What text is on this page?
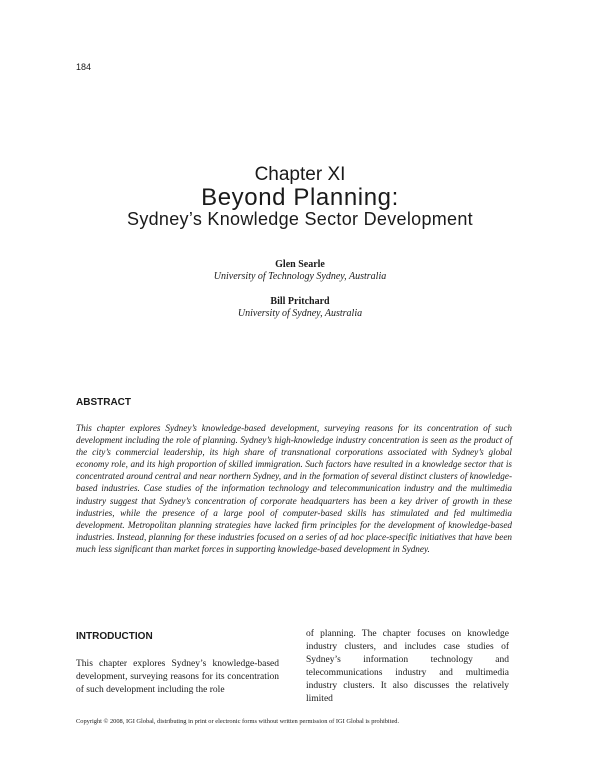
184
Chapter XI
Beyond Planning:
Sydney’s Knowledge Sector Development
Glen Searle
University of Technology Sydney, Australia
Bill Pritchard
University of Sydney, Australia
ABSTRACT

This chapter explores Sydney’s knowledge-based development, surveying reasons for its concentration of such development including the role of planning. Sydney’s high-knowledge industry concentration is seen as the product of the city’s commercial leadership, its high share of transnational corporations associated with Sydney’s global economy role, and its high proportion of skilled immigration. Such factors have resulted in a knowledge sector that is concentrated around central and near northern Sydney, and in the formation of several distinct clusters of knowledge-based industries. Case studies of the information technology and telecommunication industry and the multimedia industry suggest that Sydney’s concentration of corporate headquarters has been a key driver of growth in these industries, while the presence of a large pool of computer-based skills has stimulated and fed multimedia development. Metropolitan planning strategies have lacked firm principles for the development of knowledge-based industries. Instead, planning for these industries focused on a series of ad hoc place-specific initiatives that have been much less significant than market forces in supporting knowledge-based development in Sydney.

INTRODUCTION

This chapter explores Sydney’s knowledge-based development, surveying reasons for its concentration of such development including the role

of planning. The chapter focuses on knowledge industry clusters, and includes case studies of Sydney’s information technology and telecommunications industry and multimedia industry clusters. It also discusses the relatively limited

Copyright © 2008, IGI Global, distributing in print or electronic forms without written permission of IGI Global is prohibited.
